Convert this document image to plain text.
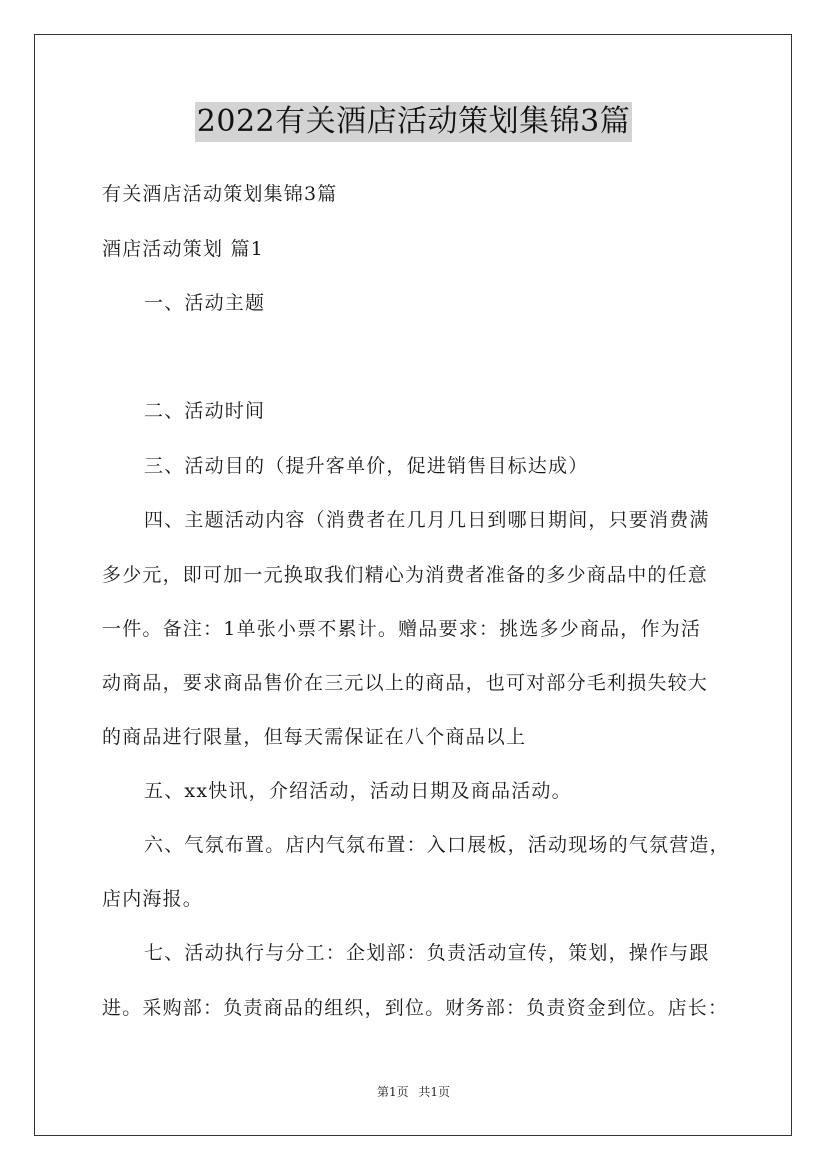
2022有关酒店活动策划集锦3篇
有关酒店活动策划集锦3篇
酒店活动策划 篇1
一、活动主题
二、活动时间
三、活动目的（提升客单价，促进销售目标达成）
四、主题活动内容（消费者在几月几日到哪日期间，只要消费满
多少元，即可加一元换取我们精心为消费者准备的多少商品中的任意
一件。备注：1单张小票不累计。赠品要求：挑选多少商品，作为活
动商品，要求商品售价在三元以上的商品，也可对部分毛利损失较大
的商品进行限量，但每天需保证在八个商品以上
五、xx快讯，介绍活动，活动日期及商品活动。
六、气氛布置。店内气氛布置：入口展板，活动现场的气氛营造，
店内海报。
七、活动执行与分工：企划部：负责活动宣传，策划，操作与跟
进。采购部：负责商品的组织，到位。财务部：负责资金到位。店长：
第1页 共1页
